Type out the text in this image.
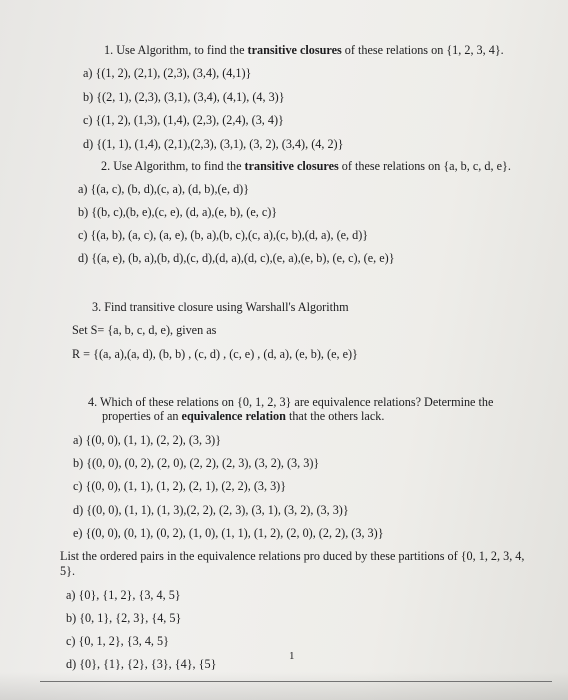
1. Use Algorithm, to find the transitive closures of these relations on {1, 2, 3, 4}.
a) {(1, 2), (2,1), (2,3), (3,4), (4,1)}
b) {(2, 1), (2,3), (3,1), (3,4), (4,1), (4, 3)}
c) {(1, 2), (1,3), (1,4), (2,3), (2,4), (3, 4)}
d) {(1, 1), (1,4), (2,1),(2,3), (3,1), (3, 2), (3,4), (4, 2)}
2. Use Algorithm, to find the transitive closures of these relations on {a, b, c, d, e}.
a) {(a, c), (b, d),(c, a), (d, b),(e, d)}
b) {(b, c),(b, e),(c, e), (d, a),(e, b), (e, c)}
c) {(a, b), (a, c), (a, e), (b, a),(b, c),(c, a),(c, b),(d, a), (e, d)}
d) {(a, e), (b, a),(b, d),(c, d),(d, a),(d, c),(e, a),(e, b), (e, c), (e, e)}
3. Find transitive closure using Warshall's Algorithm
Set S= {a, b, c, d, e), given as
R = {(a, a),(a, d), (b, b) , (c, d) , (c, e) , (d, a), (e, b), (e, e)}
4. Which of these relations on {0, 1, 2, 3} are equivalence relations? Determine the
properties of an equivalence relation that the others lack.
a) {(0, 0), (1, 1), (2, 2), (3, 3)}
b) {(0, 0), (0, 2), (2, 0), (2, 2), (2, 3), (3, 2), (3, 3)}
c) {(0, 0), (1, 1), (1, 2), (2, 1), (2, 2), (3, 3)}
d) {(0, 0), (1, 1), (1, 3),(2, 2), (2, 3), (3, 1), (3, 2), (3, 3)}
e) {(0, 0), (0, 1), (0, 2), (1, 0), (1, 1), (1, 2), (2, 0), (2, 2), (3, 3)}
List the ordered pairs in the equivalence relations pro duced by these partitions of {0, 1, 2, 3, 4,
5}.
a) {0}, {1, 2}, {3, 4, 5}
b) {0, 1}, {2, 3}, {4, 5}
c) {0, 1, 2}, {3, 4, 5}
d) {0}, {1}, {2}, {3}, {4}, {5}
1
